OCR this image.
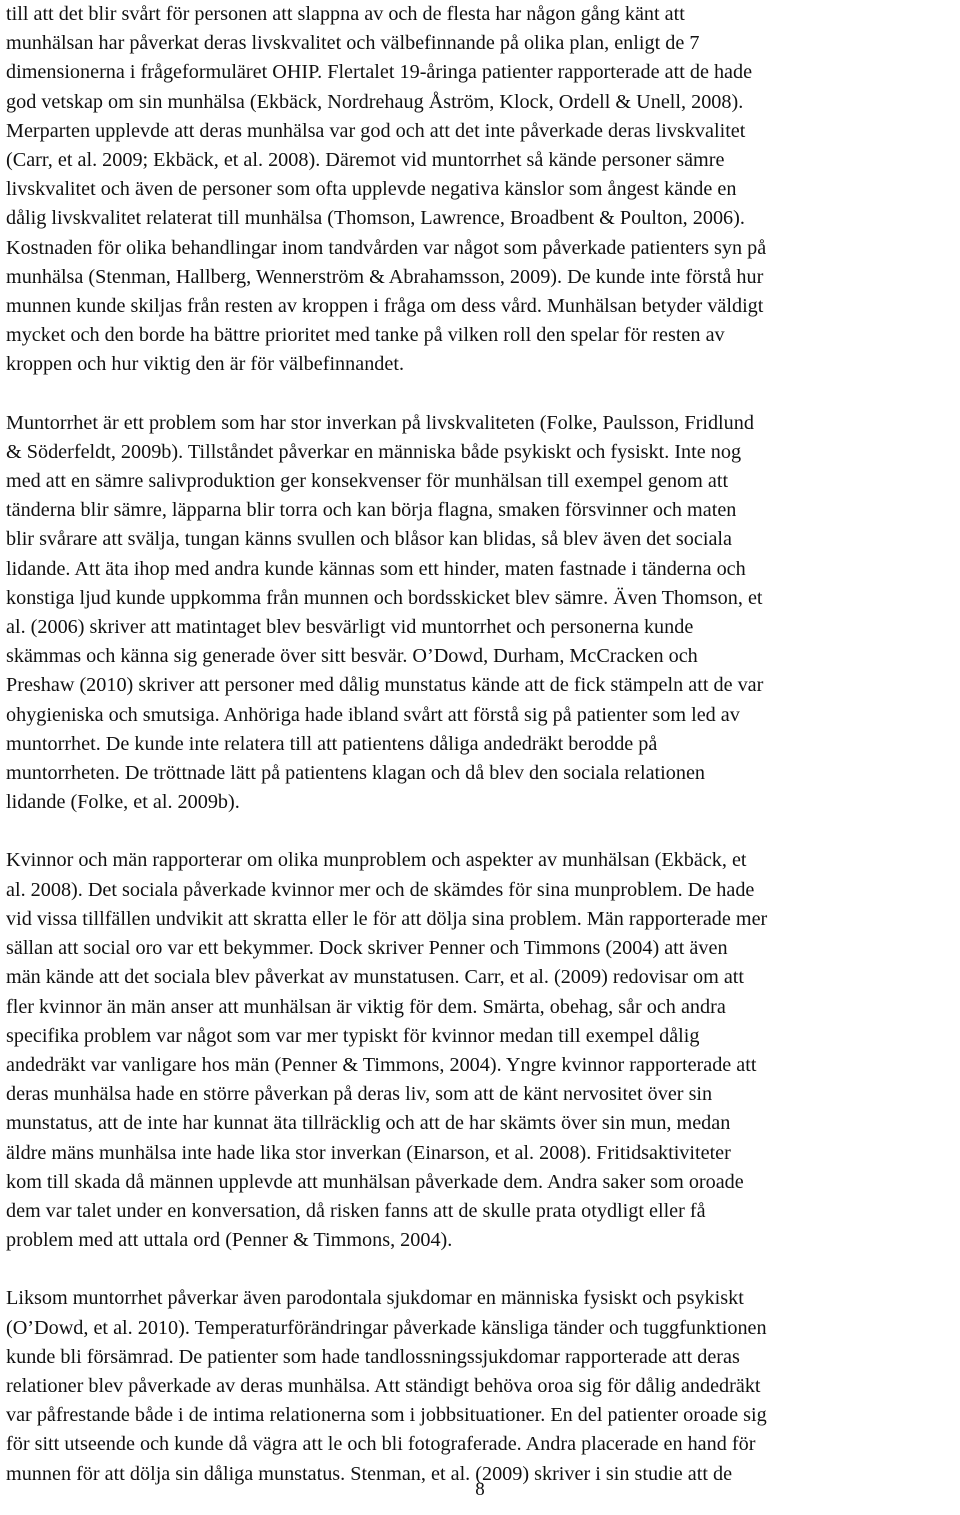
till att det blir svårt för personen att slappna av och de flesta har någon gång känt att
munhälsan har påverkat deras livskvalitet och välbefinnande på olika plan, enligt de 7
dimensionerna i frågeformuläret OHIP. Flertalet 19-åringa patienter rapporterade att de hade
god vetskap om sin munhälsa (Ekbäck, Nordrehaug Åström, Klock, Ordell & Unell, 2008).
Merparten upplevde att deras munhälsa var god och att det inte påverkade deras livskvalitet
(Carr, et al. 2009; Ekbäck, et al. 2008). Däremot vid muntorrhet så kände personer sämre
livskvalitet och även de personer som ofta upplevde negativa känslor som ångest kände en
dålig livskvalitet relaterat till munhälsa (Thomson, Lawrence, Broadbent & Poulton, 2006).
Kostnaden för olika behandlingar inom tandvården var något som påverkade patienters syn på
munhälsa (Stenman, Hallberg, Wennerström & Abrahamsson, 2009). De kunde inte förstå hur
munnen kunde skiljas från resten av kroppen i fråga om dess vård. Munhälsan betyder väldigt
mycket och den borde ha bättre prioritet med tanke på vilken roll den spelar för resten av
kroppen och hur viktig den är för välbefinnandet.

Muntorrhet är ett problem som har stor inverkan på livskvaliteten (Folke, Paulsson, Fridlund
& Söderfeldt, 2009b). Tillståndet påverkar en människa både psykiskt och fysiskt. Inte nog
med att en sämre salivproduktion ger konsekvenser för munhälsan till exempel genom att
tänderna blir sämre, läpparna blir torra och kan börja flagna, smaken försvinner och maten
blir svårare att svälja, tungan känns svullen och blåsor kan blidas, så blev även det sociala
lidande. Att äta ihop med andra kunde kännas som ett hinder, maten fastnade i tänderna och
konstiga ljud kunde uppkomma från munnen och bordsskicket blev sämre. Även Thomson, et
al. (2006) skriver att matintaget blev besvärligt vid muntorrhet och personerna kunde
skämmas och känna sig generade över sitt besvär. O’Dowd, Durham, McCracken och
Preshaw (2010) skriver att personer med dålig munstatus kände att de fick stämpeln att de var
ohygieniska och smutsiga. Anhöriga hade ibland svårt att förstå sig på patienter som led av
muntorrhet. De kunde inte relatera till att patientens dåliga andedräkt berodde på
muntorrheten. De tröttnade lätt på patientens klagan och då blev den sociala relationen
lidande (Folke, et al. 2009b).

Kvinnor och män rapporterar om olika munproblem och aspekter av munhälsan (Ekbäck, et
al. 2008). Det sociala påverkade kvinnor mer och de skämdes för sina munproblem. De hade
vid vissa tillfällen undvikit att skratta eller le för att dölja sina problem. Män rapporterade mer
sällan att social oro var ett bekymmer. Dock skriver Penner och Timmons (2004) att även
män kände att det sociala blev påverkat av munstatusen. Carr, et al. (2009) redovisar om att
fler kvinnor än män anser att munhälsan är viktig för dem. Smärta, obehag, sår och andra
specifika problem var något som var mer typiskt för kvinnor medan till exempel dålig
andedräkt var vanligare hos män (Penner & Timmons, 2004). Yngre kvinnor rapporterade att
deras munhälsa hade en större påverkan på deras liv, som att de känt nervositet över sin
munstatus, att de inte har kunnat äta tillräcklig och att de har skämts över sin mun, medan
äldre mäns munhälsa inte hade lika stor inverkan (Einarson, et al. 2008). Fritidsaktiviteter
kom till skada då männen upplevde att munhälsan påverkade dem. Andra saker som oroade
dem var talet under en konversation, då risken fanns att de skulle prata otydligt eller få
problem med att uttala ord (Penner & Timmons, 2004).

Liksom muntorrhet påverkar även parodontala sjukdomar en människa fysiskt och psykiskt
(O’Dowd, et al. 2010). Temperaturförändringar påverkade känsliga tänder och tuggfunktionen
kunde bli försämrad. De patienter som hade tandlossningssjukdomar rapporterade att deras
relationer blev påverkade av deras munhälsa. Att ständigt behöva oroa sig för dålig andedräkt
var påfrestande både i de intima relationerna som i jobbsituationer. En del patienter oroade sig
för sitt utseende och kunde då vägra att le och bli fotograferade. Andra placerade en hand för
munnen för att dölja sin dåliga munstatus. Stenman, et al. (2009) skriver i sin studie att de

8
